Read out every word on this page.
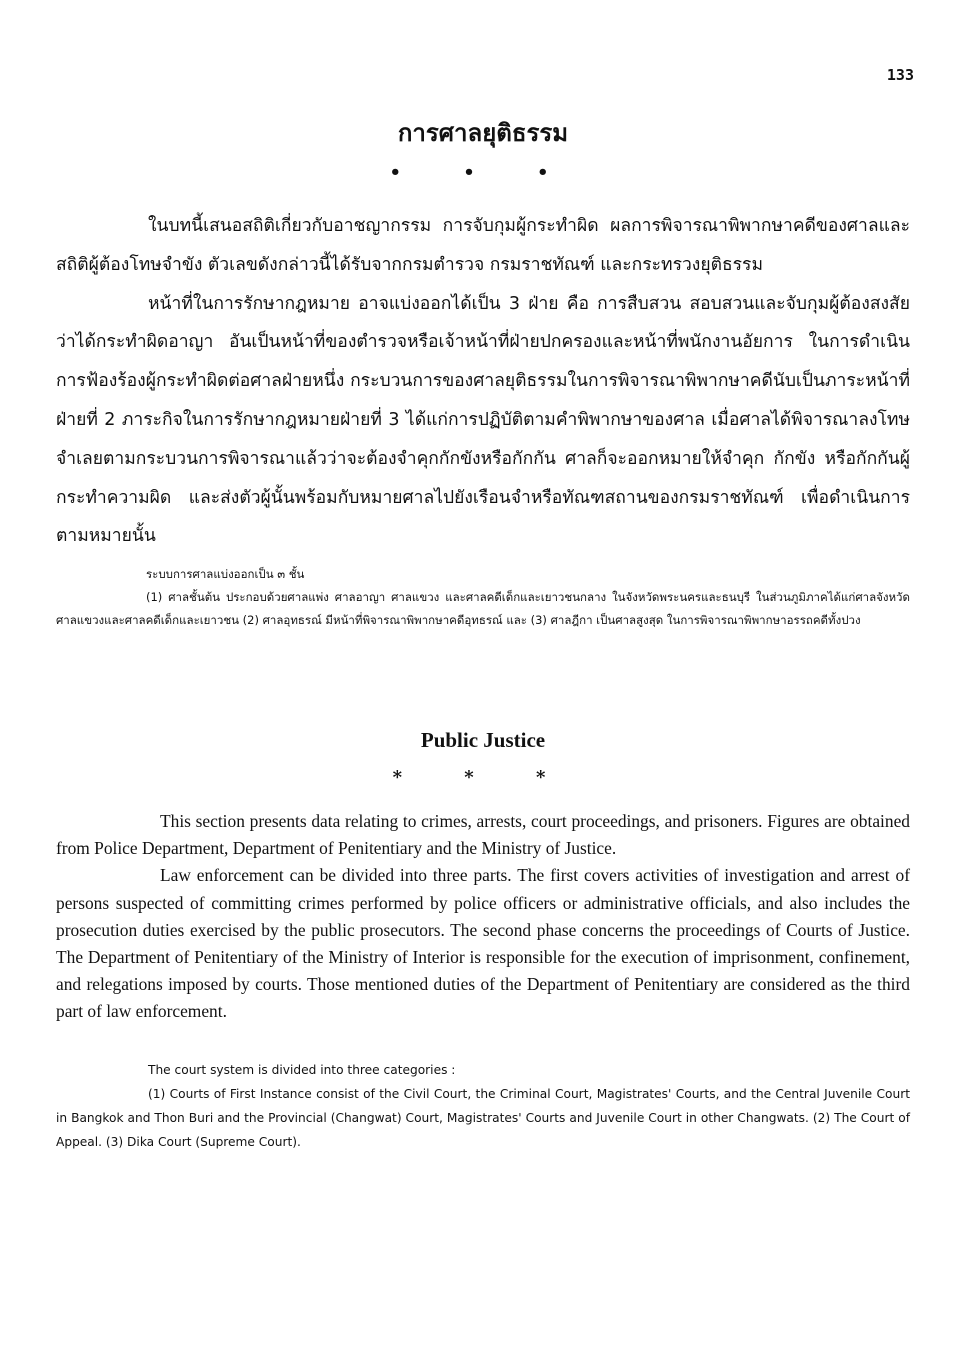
133
การศาลยุติธรรม
• • •

ในบทนี้เสนอสถิติเกี่ยวกับอาชญากรรม การจับกุมผู้กระทำผิด ผลการพิจารณาพิพากษาคดีของศาลและสถิติผู้ต้องโทษจำขัง ตัวเลขดังกล่าวนี้ได้รับจากกรมตำรวจ กรมราชทัณฑ์ และกระทรวงยุติธรรม

หน้าที่ในการรักษากฎหมาย อาจแบ่งออกได้เป็น 3 ฝ่าย คือ การสืบสวน สอบสวนและจับกุมผู้ต้องสงสัยว่าได้กระทำผิดอาญา อันเป็นหน้าที่ของตำรวจหรือเจ้าหน้าที่ฝ่ายปกครองและหน้าที่พนักงานอัยการ ในการดำเนินการฟ้องร้องผู้กระทำผิดต่อศาลฝ่ายหนึ่ง กระบวนการของศาลยุติธรรมในการพิจารณาพิพากษาคดีนับเป็นภาระหน้าที่ฝ่ายที่ 2 ภาระกิจในการรักษากฎหมายฝ่ายที่ 3 ได้แก่การปฏิบัติตามคำพิพากษาของศาล เมื่อศาลได้พิจารณาลงโทษจำเลยตามกระบวนการพิจารณาแล้วว่าจะต้องจำคุกกักขังหรือกักกัน ศาลก็จะออกหมายให้จำคุก กักขัง หรือกักกันผู้กระทำความผิด และส่งตัวผู้นั้นพร้อมกับหมายศาลไปยังเรือนจำหรือทัณฑสถานของกรมราชทัณฑ์ เพื่อดำเนินการตามหมายนั้น

ระบบการศาลแบ่งออกเป็น ๓ ชั้น

(1) ศาลชั้นต้น ประกอบด้วยศาลแพ่ง ศาลอาญา ศาลแขวง และศาลคดีเด็กและเยาวชนกลาง ในจังหวัดพระนครและธนบุรี ในส่วนภูมิภาคได้แก่ศาลจังหวัด ศาลแขวงและศาลคดีเด็กและเยาวชน (2) ศาลอุทธรณ์ มีหน้าที่พิจารณาพิพากษาคดีอุทธรณ์ และ (3) ศาลฎีกา เป็นศาลสูงสุด ในการพิจารณาพิพากษาอรรถคดีทั้งปวง

Public Justice
* * *

This section presents data relating to crimes, arrests, court proceedings, and prisoners. Figures are obtained from Police Department, Department of Penitentiary and the Ministry of Justice.

Law enforcement can be divided into three parts. The first covers activities of investigation and arrest of persons suspected of committing crimes performed by police officers or administrative officials, and also includes the prosecution duties exercised by the public prosecutors. The second phase concerns the proceedings of Courts of Justice. The Department of Penitentiary of the Ministry of Interior is responsible for the execution of imprisonment, confinement, and relegations imposed by courts. Those mentioned duties of the Department of Penitentiary are considered as the third part of law enforcement.

The court system is divided into three categories :

(1) Courts of First Instance consist of the Civil Court, the Criminal Court, Magistrates' Courts, and the Central Juvenile Court in Bangkok and Thon Buri and the Provincial (Changwat) Court, Magistrates' Courts and Juvenile Court in other Changwats. (2) The Court of Appeal. (3) Dika Court (Supreme Court).
